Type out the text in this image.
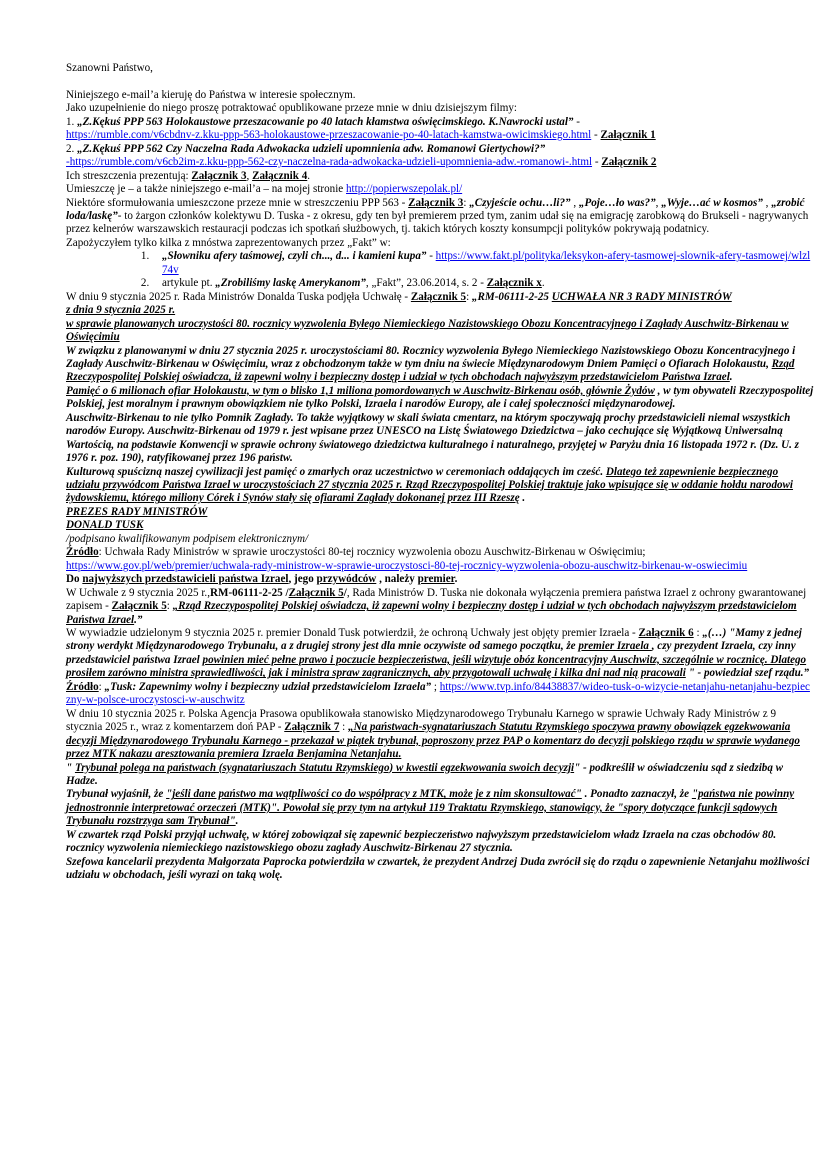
Szanowni Państwo,

Niniejszego e-mail’a kieruję do Państwa w interesie społecznym.

Jako uzupełnienie do niego proszę potraktować opublikowane przeze mnie w dniu dzisiejszym filmy:

1. „Z.Kękuś PPP 563 Holokaustowe przeszacowanie po 40 latach kłamstwa oświęcimskiego. K.Nawrocki ustal” -

https://rumble.com/v6cbdnv-z.kku-ppp-563-holokaustowe-przeszacowanie-po-40-latach-kamstwa-owicimskiego.html - Załącznik 1

2. „Z.Kękuś PPP 562 Czy Naczelna Rada Adwokacka udzieli upomnienia adw. Romanowi Giertychowi?”

-https://rumble.com/v6cb2im-z.kku-ppp-562-czy-naczelna-rada-adwokacka-udzieli-upomnienia-adw.-romanowi-.html - Załącznik 2

Ich streszczenia prezentują: Załącznik 3, Załącznik 4.

Umieszczę je – a także niniejszego e-mail’a – na mojej stronie http://popierwszepolak.pl/

Niektóre sformułowania umieszczone przeze mnie w streszczeniu PPP 563 - Załącznik 3: „Czyjeście ochu…li?” , „Poje…ło was?”, „Wyje…ać w kosmos” , „zrobić loda/laskę”- to żargon członków kolektywu D. Tuska - z okresu, gdy ten był premierem przed tym, zanim udał się na emigrację zarobkową do Brukseli - nagrywanych przez kelnerów warszawskich restauracji podczas ich spotkań służbowych, tj. takich których koszty konsumpcji polityków pokrywają podatnicy.

Zapożyczyłem tylko kilka z mnóstwa zaprezentowanych przez „Fakt” w:

1. „Słowniku afery taśmowej, czyli ch..., d... i kamieni kupa” - https://www.fakt.pl/polityka/leksykon-afery-tasmowej-slownik-afery-tasmowej/wlzl74v
2. artykule pt. „Zrobiliśmy laskę Amerykanom”, „Fakt”, 23.06.2014, s. 2 - Załącznik x.

W dniu 9 stycznia 2025 r. Rada Ministrów Donalda Tuska podjęła Uchwałę - Załącznik 5: „RM-06111-2-25 UCHWAŁA NR 3 RADY MINISTRÓW

z dnia 9 stycznia 2025 r.

w sprawie planowanych uroczystości 80. rocznicy wyzwolenia Byłego Niemieckiego Nazistowskiego Obozu Koncentracyjnego i Zagłady Auschwitz-Birkenau w Oświęcimiu

W związku z planowanymi w dniu 27 stycznia 2025 r. uroczystościami 80. Rocznicy wyzwolenia Byłego Niemieckiego Nazistowskiego Obozu Koncentracyjnego i Zagłady Auschwitz-Birkenau w Oświęcimiu, wraz z obchodzonym także w tym dniu na świecie Międzynarodowym Dniem Pamięci o Ofiarach Holokaustu, Rząd Rzeczypospolitej Polskiej oświadcza, iż zapewni wolny i bezpieczny dostęp i udział w tych obchodach najwyższym przedstawicielom Państwa Izrael.

Pamięć o 6 milionach ofiar Holokaustu, w tym o blisko 1,1 miliona pomordowanych w Auschwitz-Birkenau osób, głównie Żydów , w tym obywateli Rzeczypospolitej Polskiej, jest moralnym i prawnym obowiązkiem nie tylko Polski, Izraela i narodów Europy, ale i całej społeczności międzynarodowej.

Auschwitz-Birkenau to nie tylko Pomnik Zagłady. To także wyjątkowy w skali świata cmentarz, na którym spoczywają prochy przedstawicieli niemal wszystkich narodów Europy. Auschwitz-Birkenau od 1979 r. jest wpisane przez UNESCO na Listę Światowego Dziedzictwa – jako cechujące się Wyjątkową Uniwersalną Wartością, na podstawie Konwencji w sprawie ochrony światowego dziedzictwa kulturalnego i naturalnego, przyjętej w Paryżu dnia 16 listopada 1972 r. (Dz. U. z 1976 r. poz. 190), ratyfikowanej przez 196 państw.

Kulturową spuścizną naszej cywilizacji jest pamięć o zmarłych oraz uczestnictwo w ceremoniach oddających im cześć. Dlatego też zapewnienie bezpiecznego udziału przywódcom Państwa Izrael w uroczystościach 27 stycznia 2025 r. Rząd Rzeczypospolitej Polskiej traktuje jako wpisujące się w oddanie hołdu narodowi żydowskiemu, którego miliony Córek i Synów stały się ofiarami Zagłady dokonanej przez III Rzeszę .

PREZES RADY MINISTRÓW

DONALD TUSK

/podpisano kwalifikowanym podpisem elektronicznym/

Źródło: Uchwała Rady Ministrów w sprawie uroczystości 80-tej rocznicy wyzwolenia obozu Auschwitz-Birkenau w Oświęcimiu;

https://www.gov.pl/web/premier/uchwala-rady-ministrow-w-sprawie-uroczystosci-80-tej-rocznicy-wyzwolenia-obozu-auschwitz-birkenau-w-oswiecimiu

Do najwyższych przedstawicieli państwa Izrael, jego przywódców , należy premier.

W Uchwale z 9 stycznia 2025 r.,RM-06111-2-25 /Załącznik 5/, Rada Ministrów D. Tuska nie dokonała wyłączenia premiera państwa Izrael z ochrony gwarantowanej zapisem - Załącznik 5: „Rząd Rzeczypospolitej Polskiej oświadcza, iż zapewni wolny i bezpieczny dostęp i udział w tych obchodach najwyższym przedstawicielom Państwa Izrael.”

W wywiadzie udzielonym 9 stycznia 2025 r. premier Donald Tusk potwierdził, że ochroną Uchwały jest objęty premier Izraela - Załącznik 6 : „(…) "Mamy z jednej strony werdykt Międzynarodowego Trybunału, a z drugiej strony jest dla mnie oczywiste od samego początku, że premier Izraela , czy prezydent Izraela, czy inny przedstawiciel państwa Izrael powinien mieć pełne prawo i poczucie bezpieczeństwa, jeśli wizytuje obóz koncentracyjny Auschwitz, szczególnie w rocznicę. Dlatego prosiłem zarówno ministra sprawiedliwości, jak i ministra spraw zagranicznych, aby przygotowali uchwałę i kilka dni nad nią pracowali " - powiedział szef rządu.”

Źródło: „Tusk: Zapewnimy wolny i bezpieczny udział przedstawicielom Izraela” ; https://www.tvp.info/84438837/wideo-tusk-o-wizycie-netanjahu-netanjahu-bezpieczny-w-polsce-uroczystosci-w-auschwitz

W dniu 10 stycznia 2025 r. Polska Agencja Prasowa opublikowała stanowisko Międzynarodowego Trybunału Karnego w sprawie Uchwały Rady Ministrów z 9 stycznia 2025 r., wraz z komentarzem doń PAP - Załącznik 7 : „Na państwach-sygnatariuszach Statutu Rzymskiego spoczywa prawny obowiązek egzekwowania decyzji Międzynarodowego Trybunału Karnego - przekazał w piątek trybunał, poproszony przez PAP o komentarz do decyzji polskiego rządu w sprawie wydanego przez MTK nakazu aresztowania premiera Izraela Benjamina Netanjahu.

" Trybunał polega na państwach (sygnatariuszach Statutu Rzymskiego) w kwestii egzekwowania swoich decyzji" - podkreślił w oświadczeniu sąd z siedzibą w Hadze.

Trybunał wyjaśnił, że "jeśli dane państwo ma wątpliwości co do współpracy z MTK, może je z nim skonsultować" . Ponadto zaznaczył, że "państwa nie powinny jednostronnie interpretować orzeczeń (MTK)". Powołał się przy tym na artykuł 119 Traktatu Rzymskiego, stanowiący, że "spory dotyczące funkcji sądowych Trybunału rozstrzyga sam Trybunał".

W czwartek rząd Polski przyjął uchwałę, w której zobowiązał się zapewnić bezpieczeństwo najwyższym przedstawicielom władz Izraela na czas obchodów 80. rocznicy wyzwolenia niemieckiego nazistowskiego obozu zagłady Auschwitz-Birkenau 27 stycznia.

Szefowa kancelarii prezydenta Małgorzata Paprocka potwierdziła w czwartek, że prezydent Andrzej Duda zwrócił się do rządu o zapewnienie Netanjahu możliwości udziału w obchodach, jeśli wyrazi on taką wolę.
